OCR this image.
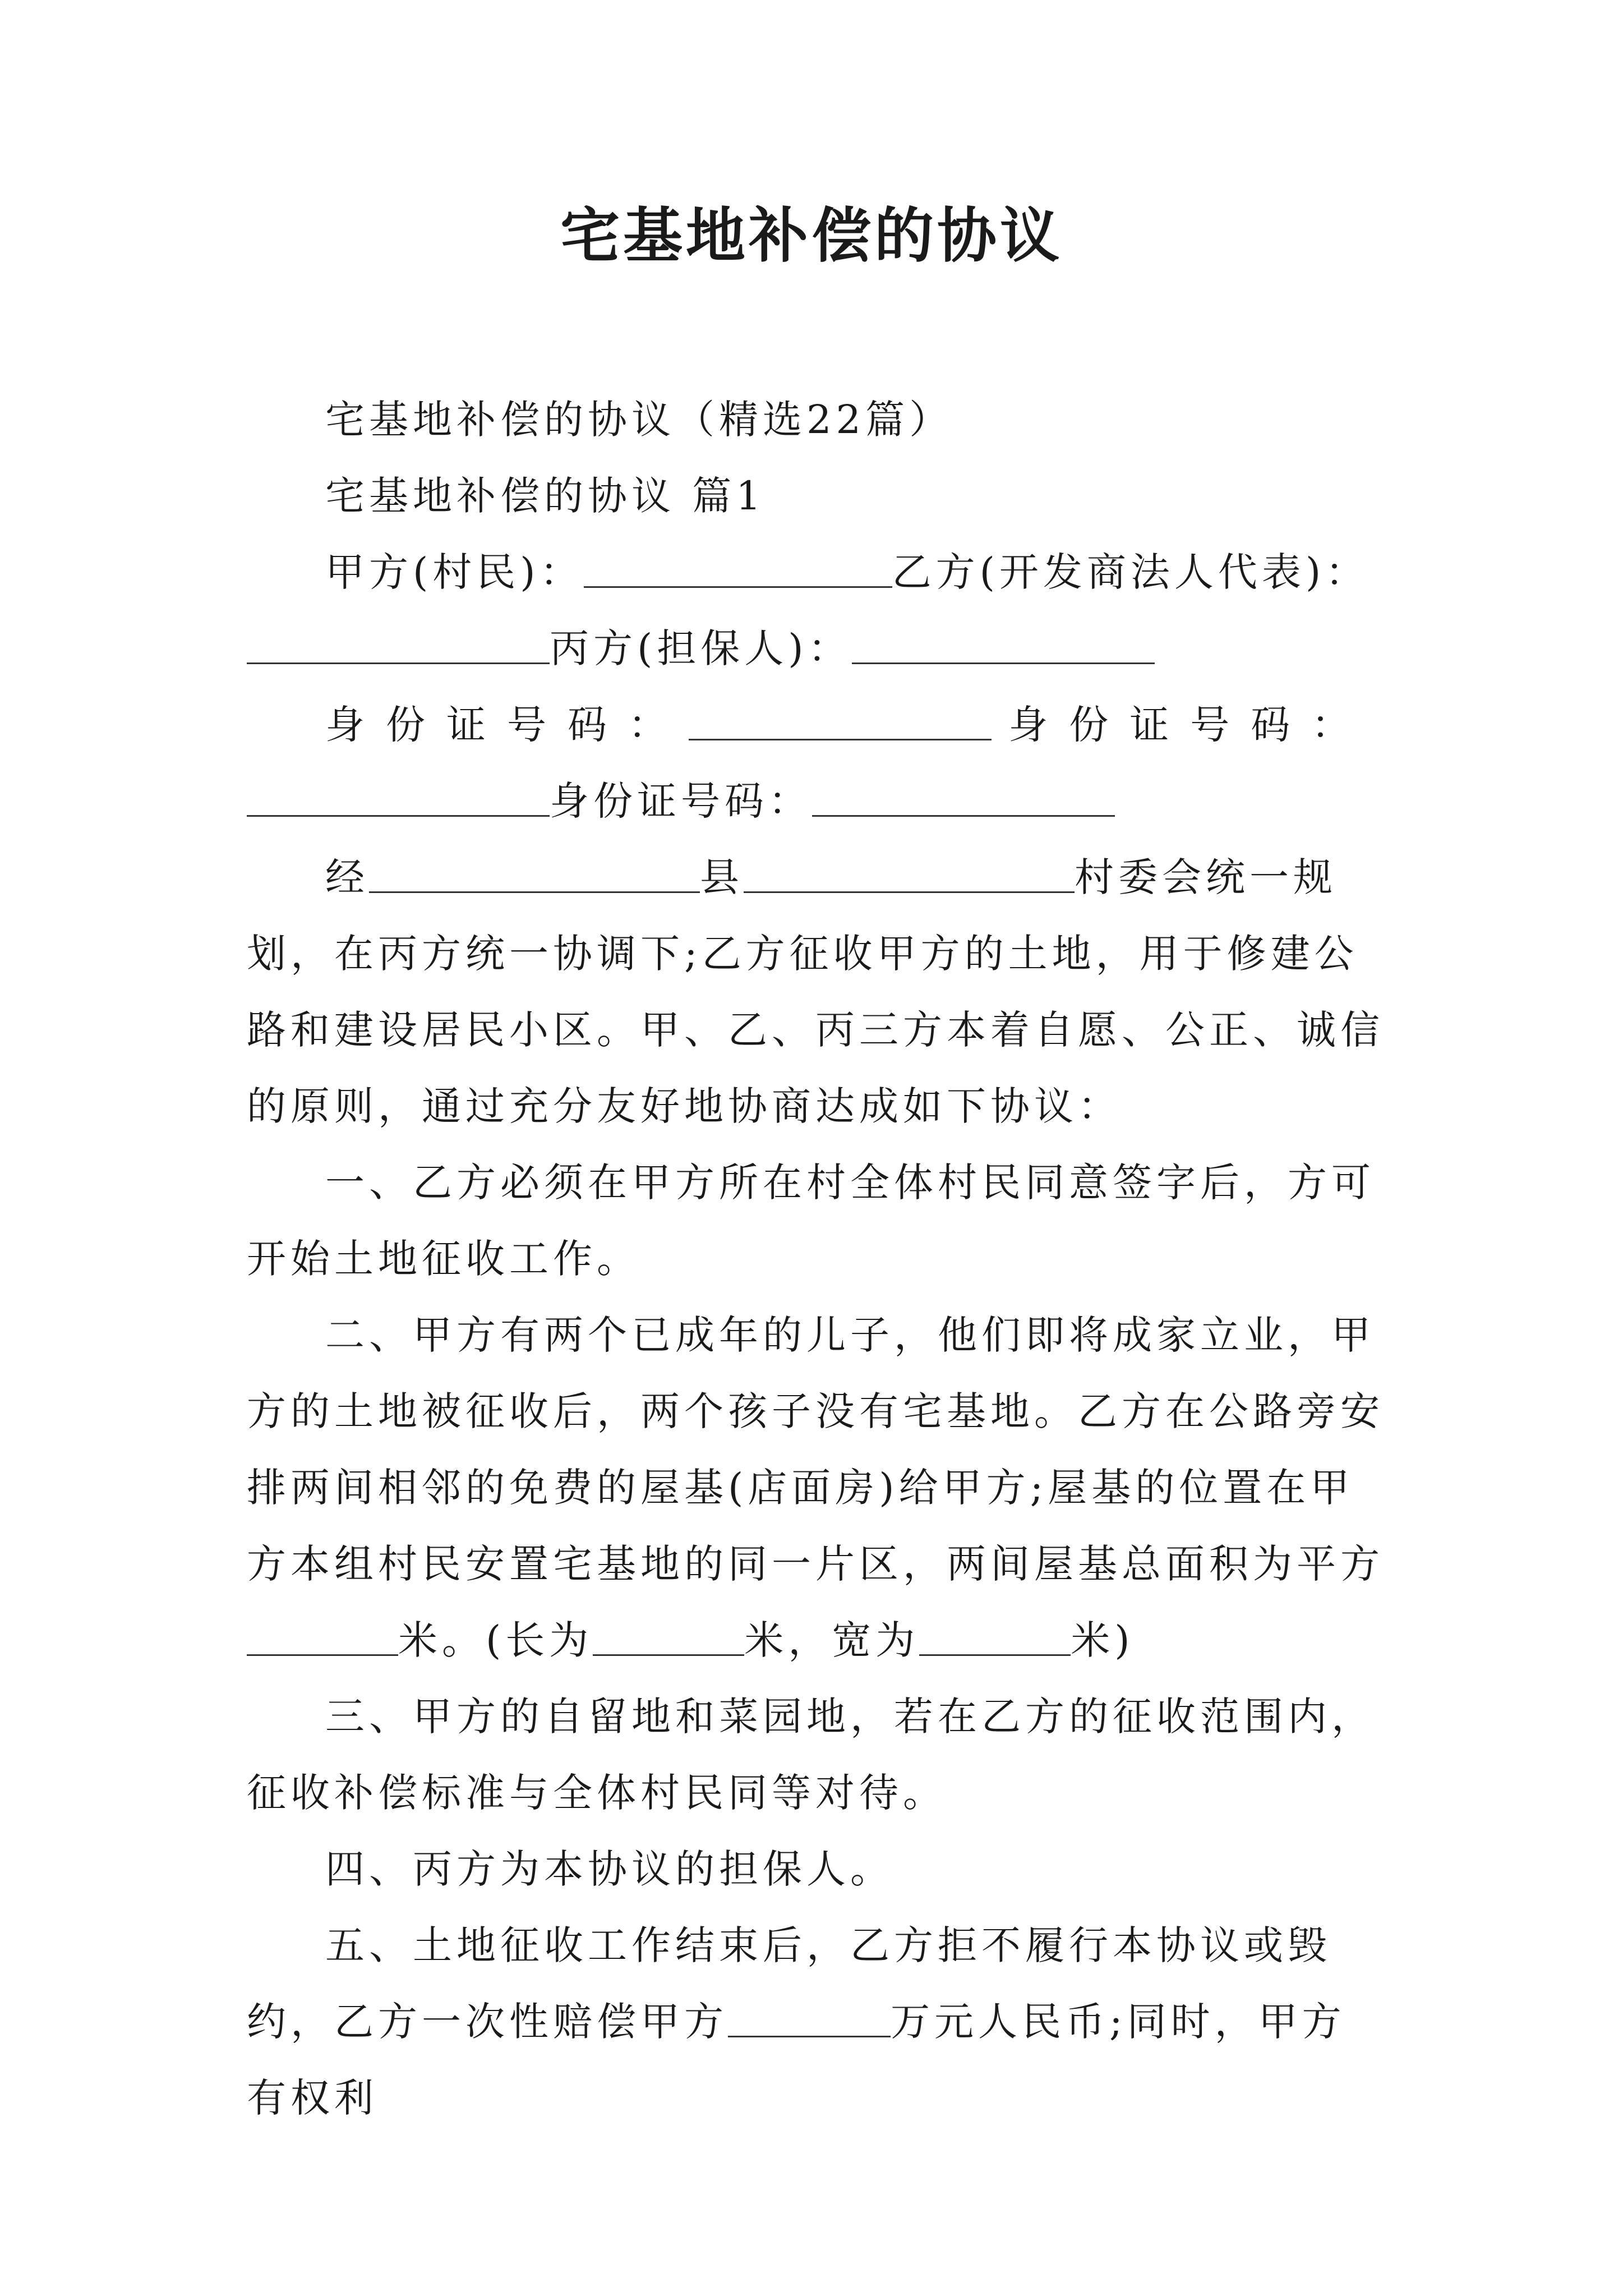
宅基地补偿的协议

宅基地补偿的协议（精选22篇）

宅基地补偿的协议 篇1

甲方(村民)：	乙方(开发商法人代表)：丙方(担保人)：

身份证号码：	身份证号码：身份证号码：

经	县	村委会统一规划，在丙方统一协调下;乙方征收甲方的土地，用于修建公路和建设居民小区。甲、乙、丙三方本着自愿、公正、诚信的原则，通过充分友好地协商达成如下协议：

一、乙方必须在甲方所在村全体村民同意签字后，方可开始土地征收工作。

二、甲方有两个已成年的儿子，他们即将成家立业，甲方的土地被征收后，两个孩子没有宅基地。乙方在公路旁安排两间相邻的免费的屋基(店面房)给甲方;屋基的位置在甲方本组村民安置宅基地的同一片区，两间屋基总面积为平方米。(长为	米，宽为	米)

三、甲方的自留地和菜园地，若在乙方的征收范围内，征收补偿标准与全体村民同等对待。

四、丙方为本协议的担保人。

五、土地征收工作结束后，乙方拒不履行本协议或毁约，乙方一次性赔偿甲方	万元人民币;同时，甲方有权利
